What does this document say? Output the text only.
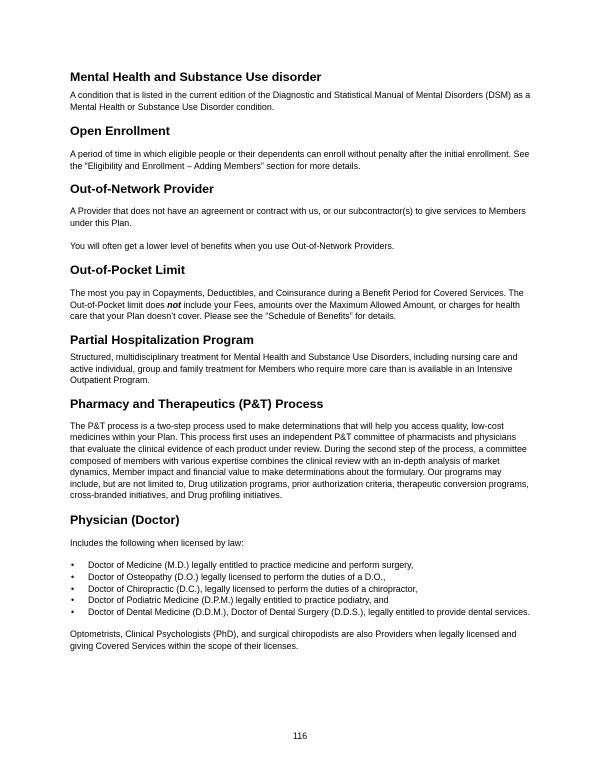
Mental Health and Substance Use disorder

A condition that is listed in the current edition of the Diagnostic and Statistical Manual of Mental Disorders (DSM) as a Mental Health or Substance Use Disorder condition.

Open Enrollment

A period of time in which eligible people or their dependents can enroll without penalty after the initial enrollment. See the “Eligibility and Enrollment – Adding Members” section for more details.

Out-of-Network Provider

A Provider that does not have an agreement or contract with us, or our subcontractor(s) to give services to Members under this Plan.

You will often get a lower level of benefits when you use Out-of-Network Providers.

Out-of-Pocket Limit

The most you pay in Copayments, Deductibles, and Coinsurance during a Benefit Period for Covered Services. The Out-of-Pocket limit does not include your Fees, amounts over the Maximum Allowed Amount, or charges for health care that your Plan doesn’t cover. Please see the “Schedule of Benefits” for details.

Partial Hospitalization Program

Structured, multidisciplinary treatment for Mental Health and Substance Use Disorders, including nursing care and active individual, group and family treatment for Members who require more care than is available in an Intensive Outpatient Program.

Pharmacy and Therapeutics (P&T) Process

The P&T process is a two-step process used to make determinations that will help you access quality, low-cost medicines within your Plan. This process first uses an independent P&T committee of pharmacists and physicians that evaluate the clinical evidence of each product under review. During the second step of the process, a committee composed of members with various expertise combines the clinical review with an in-depth analysis of market dynamics, Member impact and financial value to make determinations about the formulary. Our programs may include, but are not limited to, Drug utilization programs, prior authorization criteria, therapeutic conversion programs, cross-branded initiatives, and Drug profiling initiatives.

Physician (Doctor)

Includes the following when licensed by law:

• Doctor of Medicine (M.D.) legally entitled to practice medicine and perform surgery,
• Doctor of Osteopathy (D.O.) legally licensed to perform the duties of a D.O.,
• Doctor of Chiropractic (D.C.), legally licensed to perform the duties of a chiropractor,
• Doctor of Podiatric Medicine (D.P.M.) legally entitled to practice podiatry, and
• Doctor of Dental Medicine (D.D.M.), Doctor of Dental Surgery (D.D.S.), legally entitled to provide dental services.

Optometrists, Clinical Psychologists (PhD), and surgical chiropodists are also Providers when legally licensed and giving Covered Services within the scope of their licenses.

116
